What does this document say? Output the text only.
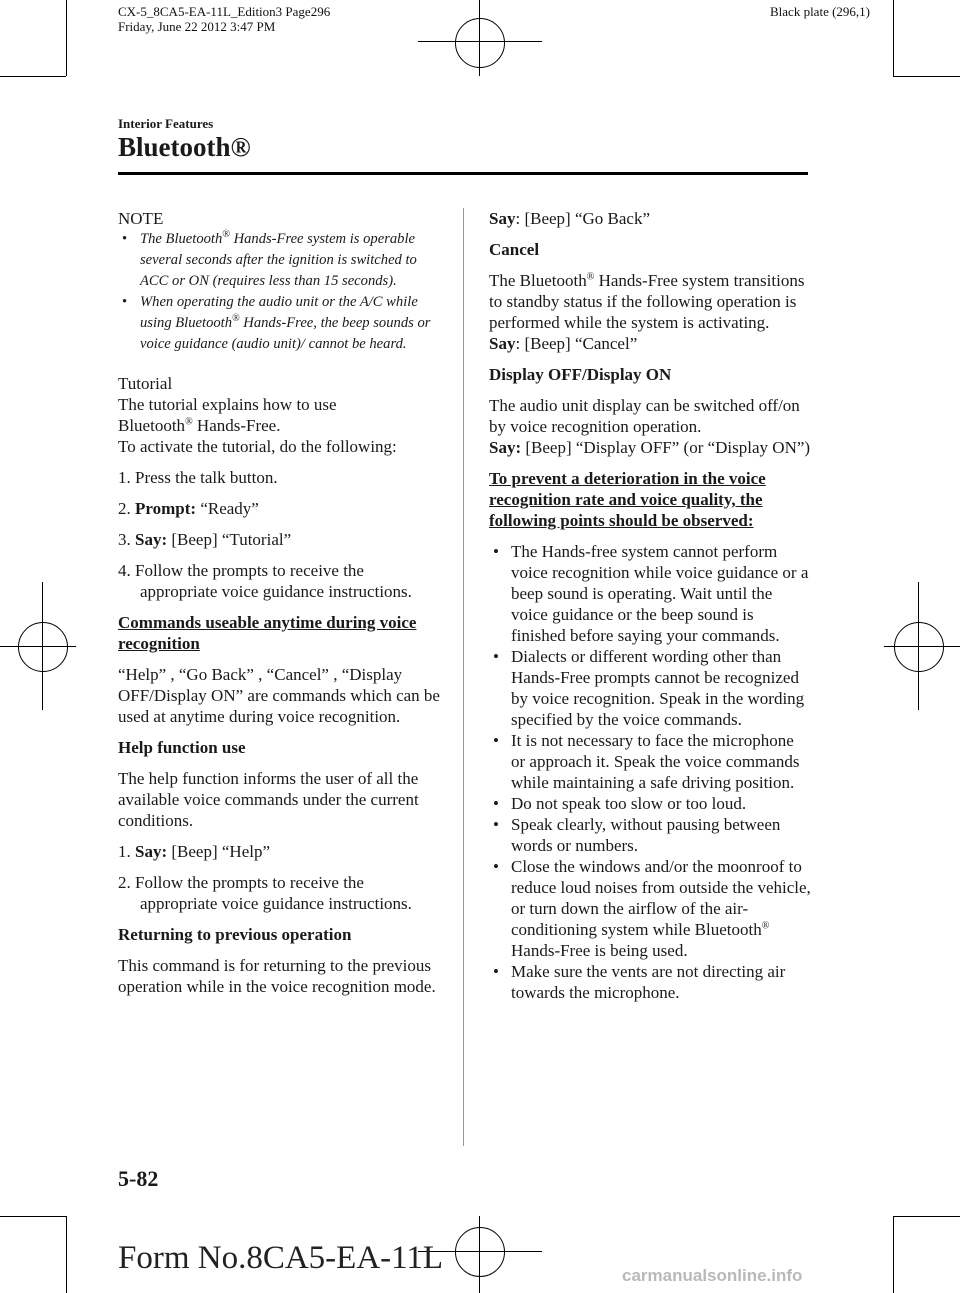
CX-5_8CA5-EA-11L_Edition3 Page296
Friday, June 22 2012 3:47 PM
Black plate (296,1)
Interior Features
Bluetooth®

NOTE

• The Bluetooth® Hands-Free system is operable several seconds after the ignition is switched to ACC or ON (requires less than 15 seconds).
• When operating the audio unit or the A/C while using Bluetooth® Hands-Free, the beep sounds or voice guidance (audio unit)/ cannot be heard.

Tutorial

The tutorial explains how to use

Bluetooth® Hands-Free.

To activate the tutorial, do the following:

1. Press the talk button.

2. Prompt: “Ready”

3. Say: [Beep] “Tutorial”

4. Follow the prompts to receive the appropriate voice guidance instructions.

Commands useable anytime during voice recognition

“Help” , “Go Back” , “Cancel” , “Display OFF/Display ON” are commands which can be used at anytime during voice recognition.

Help function use

The help function informs the user of all the available voice commands under the current conditions.

1. Say: [Beep] “Help”

2. Follow the prompts to receive the appropriate voice guidance instructions.

Returning to previous operation

This command is for returning to the previous operation while in the voice recognition mode.

Say: [Beep] “Go Back”

Cancel

The Bluetooth® Hands-Free system transitions to standby status if the following operation is performed while the system is activating.

Say: [Beep] “Cancel”

Display OFF/Display ON

The audio unit display can be switched off/on by voice recognition operation.

Say: [Beep] “Display OFF” (or “Display ON”)

To prevent a deterioration in the voice recognition rate and voice quality, the following points should be observed:

• The Hands-free system cannot perform voice recognition while voice guidance or a beep sound is operating. Wait until the voice guidance or the beep sound is finished before saying your commands.
• Dialects or different wording other than Hands-Free prompts cannot be recognized by voice recognition. Speak in the wording specified by the voice commands.
• It is not necessary to face the microphone or approach it. Speak the voice commands while maintaining a safe driving position.
• Do not speak too slow or too loud.
• Speak clearly, without pausing between words or numbers.
• Close the windows and/or the moonroof to reduce loud noises from outside the vehicle, or turn down the airflow of the air-conditioning system while Bluetooth® Hands-Free is being used.
• Make sure the vents are not directing air towards the microphone.
5-82
Form No.8CA5-EA-11L	carmanualsonline.info
